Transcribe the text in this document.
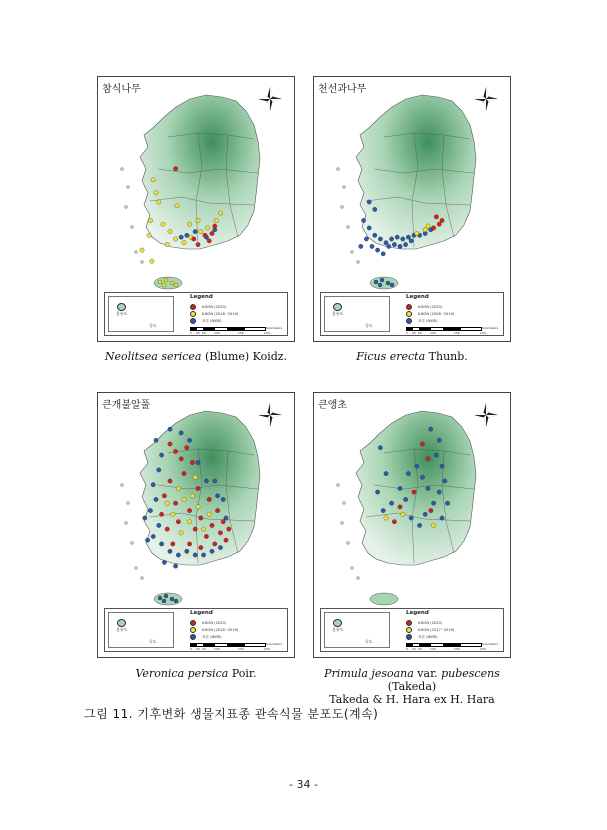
참식나무
울릉도
독도
Legend
K-BON (2020)
K-BON (2018~2019)
표본 (NIBR)
0 25 50	100	150	200
Kilometers
천선과나무
울릉도
독도
Legend
K-BON (2020)
K-BON (2008~2019)
표본 (NIBR)
0 25 50	100	150	200
Kilometers
큰개불알풀
울릉도
독도
Legend
K-BON (2020)
K-BON (2018~2019)
표본 (NIBR)
0 25 50	100	150	200
Kilometers
큰앵초
울릉도
독도
Legend
K-BON (2020)
K-BON (2017~2019)
표본 (NIBR)
0 25 50	100	150	200
Kilometers
Neolitsea sericea (Blume) Koidz.	Ficus erecta Thunb.
Veronica persica Poir.	Primula jesoana var. pubescens (Takeda)
Takeda & H. Hara ex H. Hara
그림 11. 기후변화 생물지표종 관속식물 분포도(계속)
- 34 -
